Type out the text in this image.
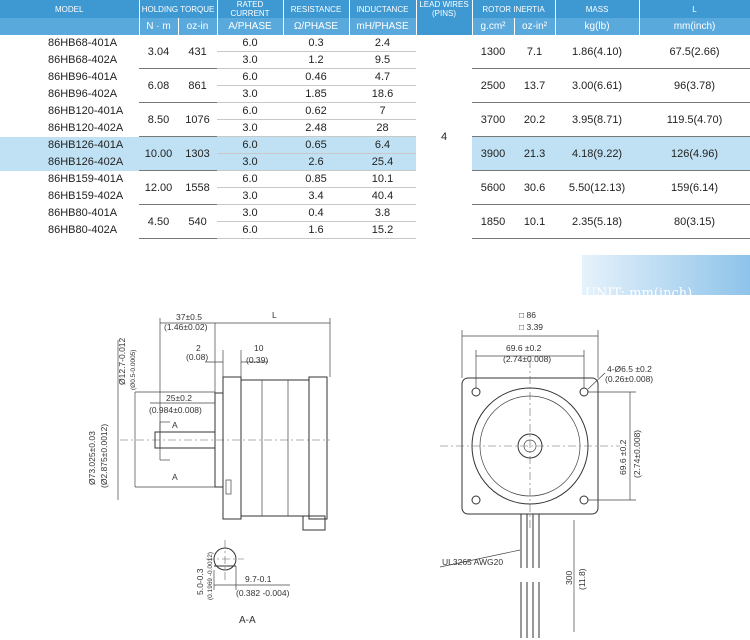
MODEL	HOLDING TORQUE		RATED CURRENT	RESISTANCE	INDUCTANCE	LEAD WIRES (PINS)	ROTOR INERTIA		MASS	L
	N · m	oz-in	A/PHASE	Ω/PHASE	mH/PHASE		g.cm²	oz-in²	kg(lb)	mm(inch)
86HB68-401A	3.04	431	6.0	0.3	2.4	4	1300	7.1	1.86(4.10)	67.5(2.66)
86HB68-402A			3.0	1.2	9.5					
86HB96-401A	6.08	861	6.0	0.46	4.7		2500	13.7	3.00(6.61)	96(3.78)
86HB96-402A			3.0	1.85	18.6					
86HB120-401A	8.50	1076	6.0	0.62	7		3700	20.2	3.95(8.71)	119.5(4.70)
86HB120-402A			3.0	2.48	28					
86HB126-401A	10.00	1303	6.0	0.65	6.4		3900	21.3	4.18(9.22)	126(4.96)
86HB126-402A			3.0	2.6	25.4					
86HB159-401A	12.00	1558	6.0	0.85	10.1		5600	30.6	5.50(12.13)	159(6.14)
86HB159-402A			3.0	3.4	40.4					
86HB80-401A	4.50	540	3.0	0.4	3.8		1850	10.1	2.35(5.18)	80(3.15)
86HB80-402A			6.0	1.6	15.2					
UNIT: mm(inch)
37±0.5
(1.46±0.02)
L
2
(0.08)
10
(0.39)
25±0.2
(0.984±0.008)
A
A
Ø12.7-0.012 (Ø0.5-0.0005)
Ø73.025±0.03 (Ø2.875±0.0012)
□ 86
□ 3.39
69.6 ±0.2
(2.74±0.008)
4-Ø6.5 ±0.2
(0.26±0.008)
69.6 ±0.2 (2.74±0.008)
UL3265 AWG20
300 (11.8)
9.7-0.1
(0.382 -0.004)
5.0-0.3 (0.1969 -0.0012)
A-A
